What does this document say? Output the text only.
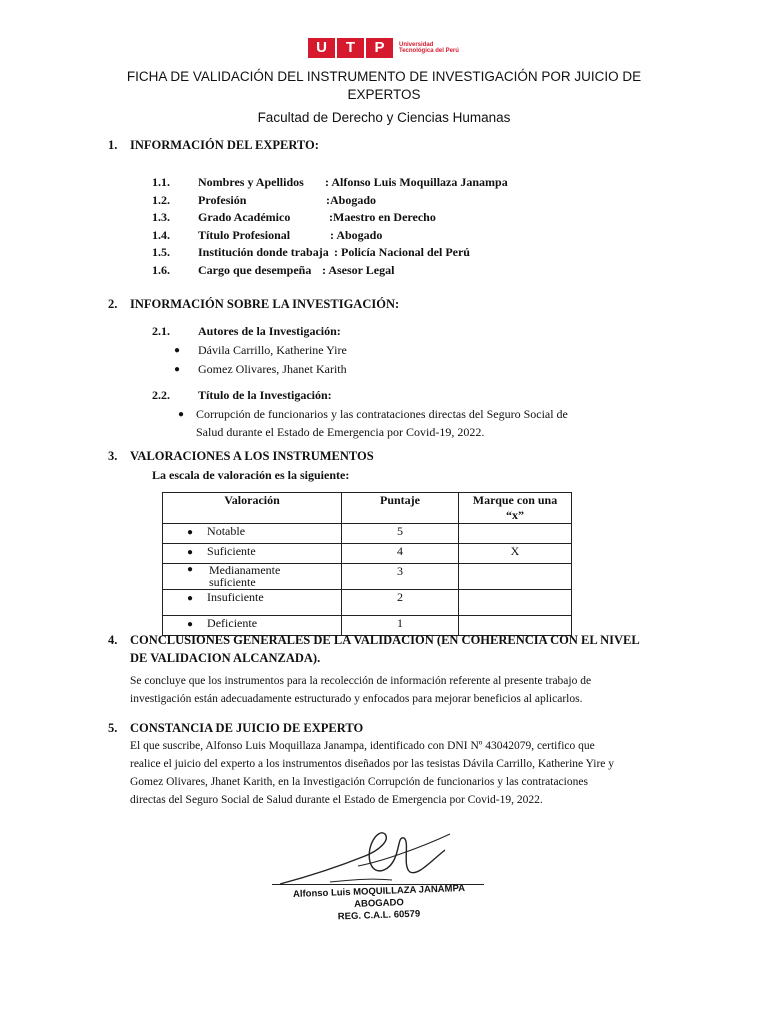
U	T	P	Universidad Tecnológica del Perú
FICHA DE VALIDACIÓN DEL INSTRUMENTO DE INVESTIGACIÓN POR JUICIO DE EXPERTOS
Facultad de Derecho y Ciencias Humanas
1. INFORMACIÓN DEL EXPERTO:
1.1. Nombres y Apellidos : Alfonso Luis Moquillaza Janampa
1.2. Profesión	:Abogado
1.3. Grado Académico	:Maestro en Derecho
1.4. Título Profesional	: Abogado
1.5. Institución donde trabaja : Policía Nacional del Perú
1.6. Cargo que desempeña : Asesor Legal
2. INFORMACIÓN SOBRE LA INVESTIGACIÓN:
2.1. Autores de la Investigación:
● Dávila Carrillo, Katherine Yire
● Gomez Olivares, Jhanet Karith
2.2. Título de la Investigación:
● Corrupción de funcionarios y las contrataciones directas del Seguro Social de
Salud durante el Estado de Emergencia por Covid-19, 2022.
3. VALORACIONES A LOS INSTRUMENTOS
La escala de valoración es la siguiente:
Valoración	Puntaje	Marque con una “x”
● Notable	5	
● Suficiente	4	X

● Medianamente suficiente	3	
● Insuficiente	2	
● Deficiente	1	
4. CONCLUSIONES GENERALES DE LA VALIDACION (EN COHERENCIA CON EL NIVEL
DE VALIDACION ALCANZADA).
Se concluye que los instrumentos para la recolección de información referente al presente trabajo de
investigación están adecuadamente estructurado y enfocados para mejorar beneficios al aplicarlos.
5. CONSTANCIA DE JUICIO DE EXPERTO
El que suscribe, Alfonso Luis Moquillaza Janampa, identificado con DNI Nº 43042079, certifico que
realice el juicio del experto a los instrumentos diseñados por las tesistas Dávila Carrillo, Katherine Yire y
Gomez Olivares, Jhanet Karith, en la Investigación Corrupción de funcionarios y las contrataciones
directas del Seguro Social de Salud durante el Estado de Emergencia por Covid-19, 2022.
Alfonso Luis MOQUILLAZA JANAMPA
ABOGADO
REG. C.A.L. 60579
